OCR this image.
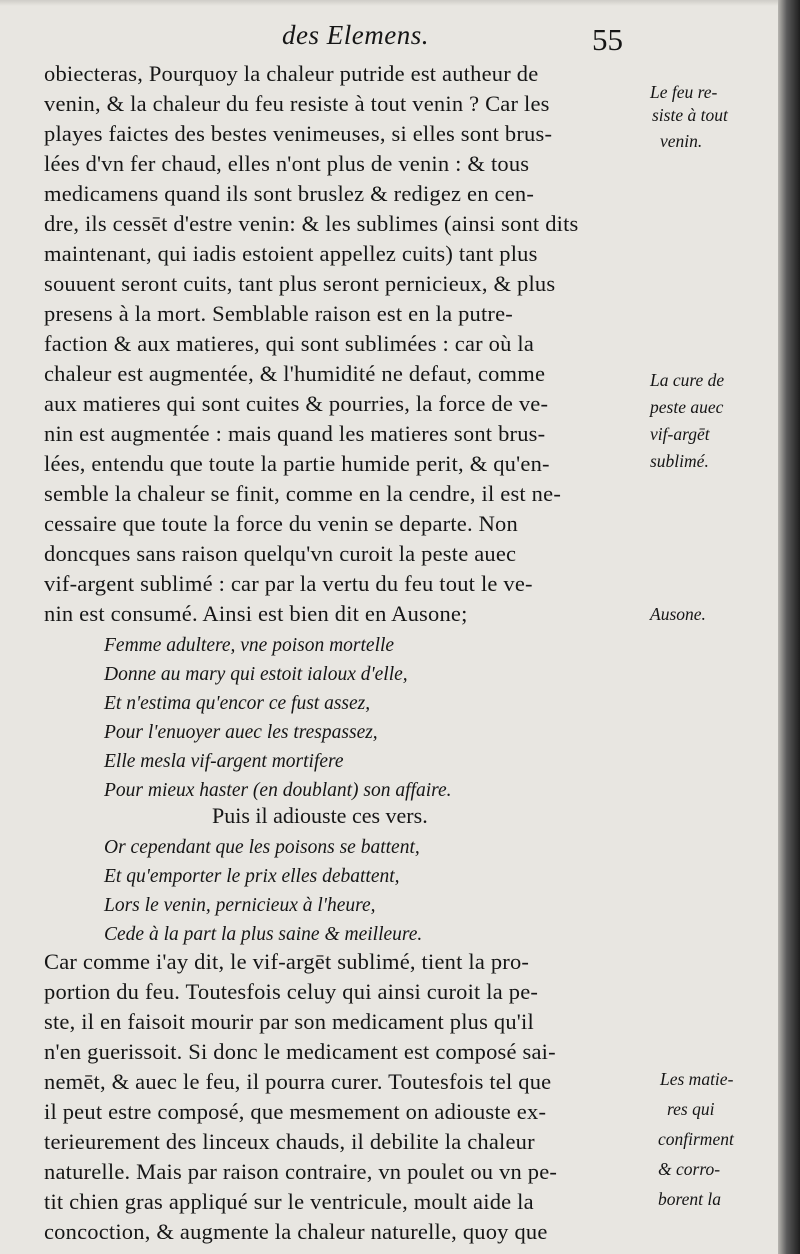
des Elemens.	55
obiecteras, Pourquoy la chaleur putride est autheur de
venin, & la chaleur du feu resiste à tout venin ? Car les
playes faictes des bestes venimeuses, si elles sont brus-
lées d'vn fer chaud, elles n'ont plus de venin : & tous
medicamens quand ils sont bruslez & redigez en cen-
dre, ils cessēt d'estre venin: & les sublimes (ainsi sont dits
maintenant, qui iadis estoient appellez cuits) tant plus
souuent seront cuits, tant plus seront pernicieux, & plus
presens à la mort. Semblable raison est en la putre-
faction & aux matieres, qui sont sublimées : car où la
chaleur est augmentée, & l'humidité ne defaut, comme
aux matieres qui sont cuites & pourries, la force de ve-
nin est augmentée : mais quand les matieres sont brus-
lées, entendu que toute la partie humide perit, & qu'en-
semble la chaleur se finit, comme en la cendre, il est ne-
cessaire que toute la force du venin se departe. Non
doncques sans raison quelqu'vn curoit la peste auec
vif-argent sublimé : car par la vertu du feu tout le ve-
nin est consumé. Ainsi est bien dit en Ausone;
Femme adultere, vne poison mortelle
Donne au mary qui estoit ialoux d'elle,
Et n'estima qu'encor ce fust assez,
Pour l'enuoyer auec les trespassez,
Elle mesla vif-argent mortifere
Pour mieux haster (en doublant) son affaire.
Puis il adiouste ces vers.
Or cependant que les poisons se battent,
Et qu'emporter le prix elles debattent,
Lors le venin, pernicieux à l'heure,
Cede à la part la plus saine & meilleure.
Car comme i'ay dit, le vif-argēt sublimé, tient la pro-
portion du feu. Toutesfois celuy qui ainsi curoit la pe-
ste, il en faisoit mourir par son medicament plus qu'il
n'en guerissoit. Si donc le medicament est composé sai-
nemēt, & auec le feu, il pourra curer. Toutesfois tel que
il peut estre composé, que mesmement on adiouste ex-
terieurement des linceux chauds, il debilite la chaleur
naturelle. Mais par raison contraire, vn poulet ou vn pe-
tit chien gras appliqué sur le ventricule, moult aide la
concoction, & augmente la chaleur naturelle, quoy que
Le feu re-
siste à tout
venin.
La cure de
peste auec
vif-argēt
sublimé.
Ausone.
Les matie-
res qui
confirment
& corro-
borent la
